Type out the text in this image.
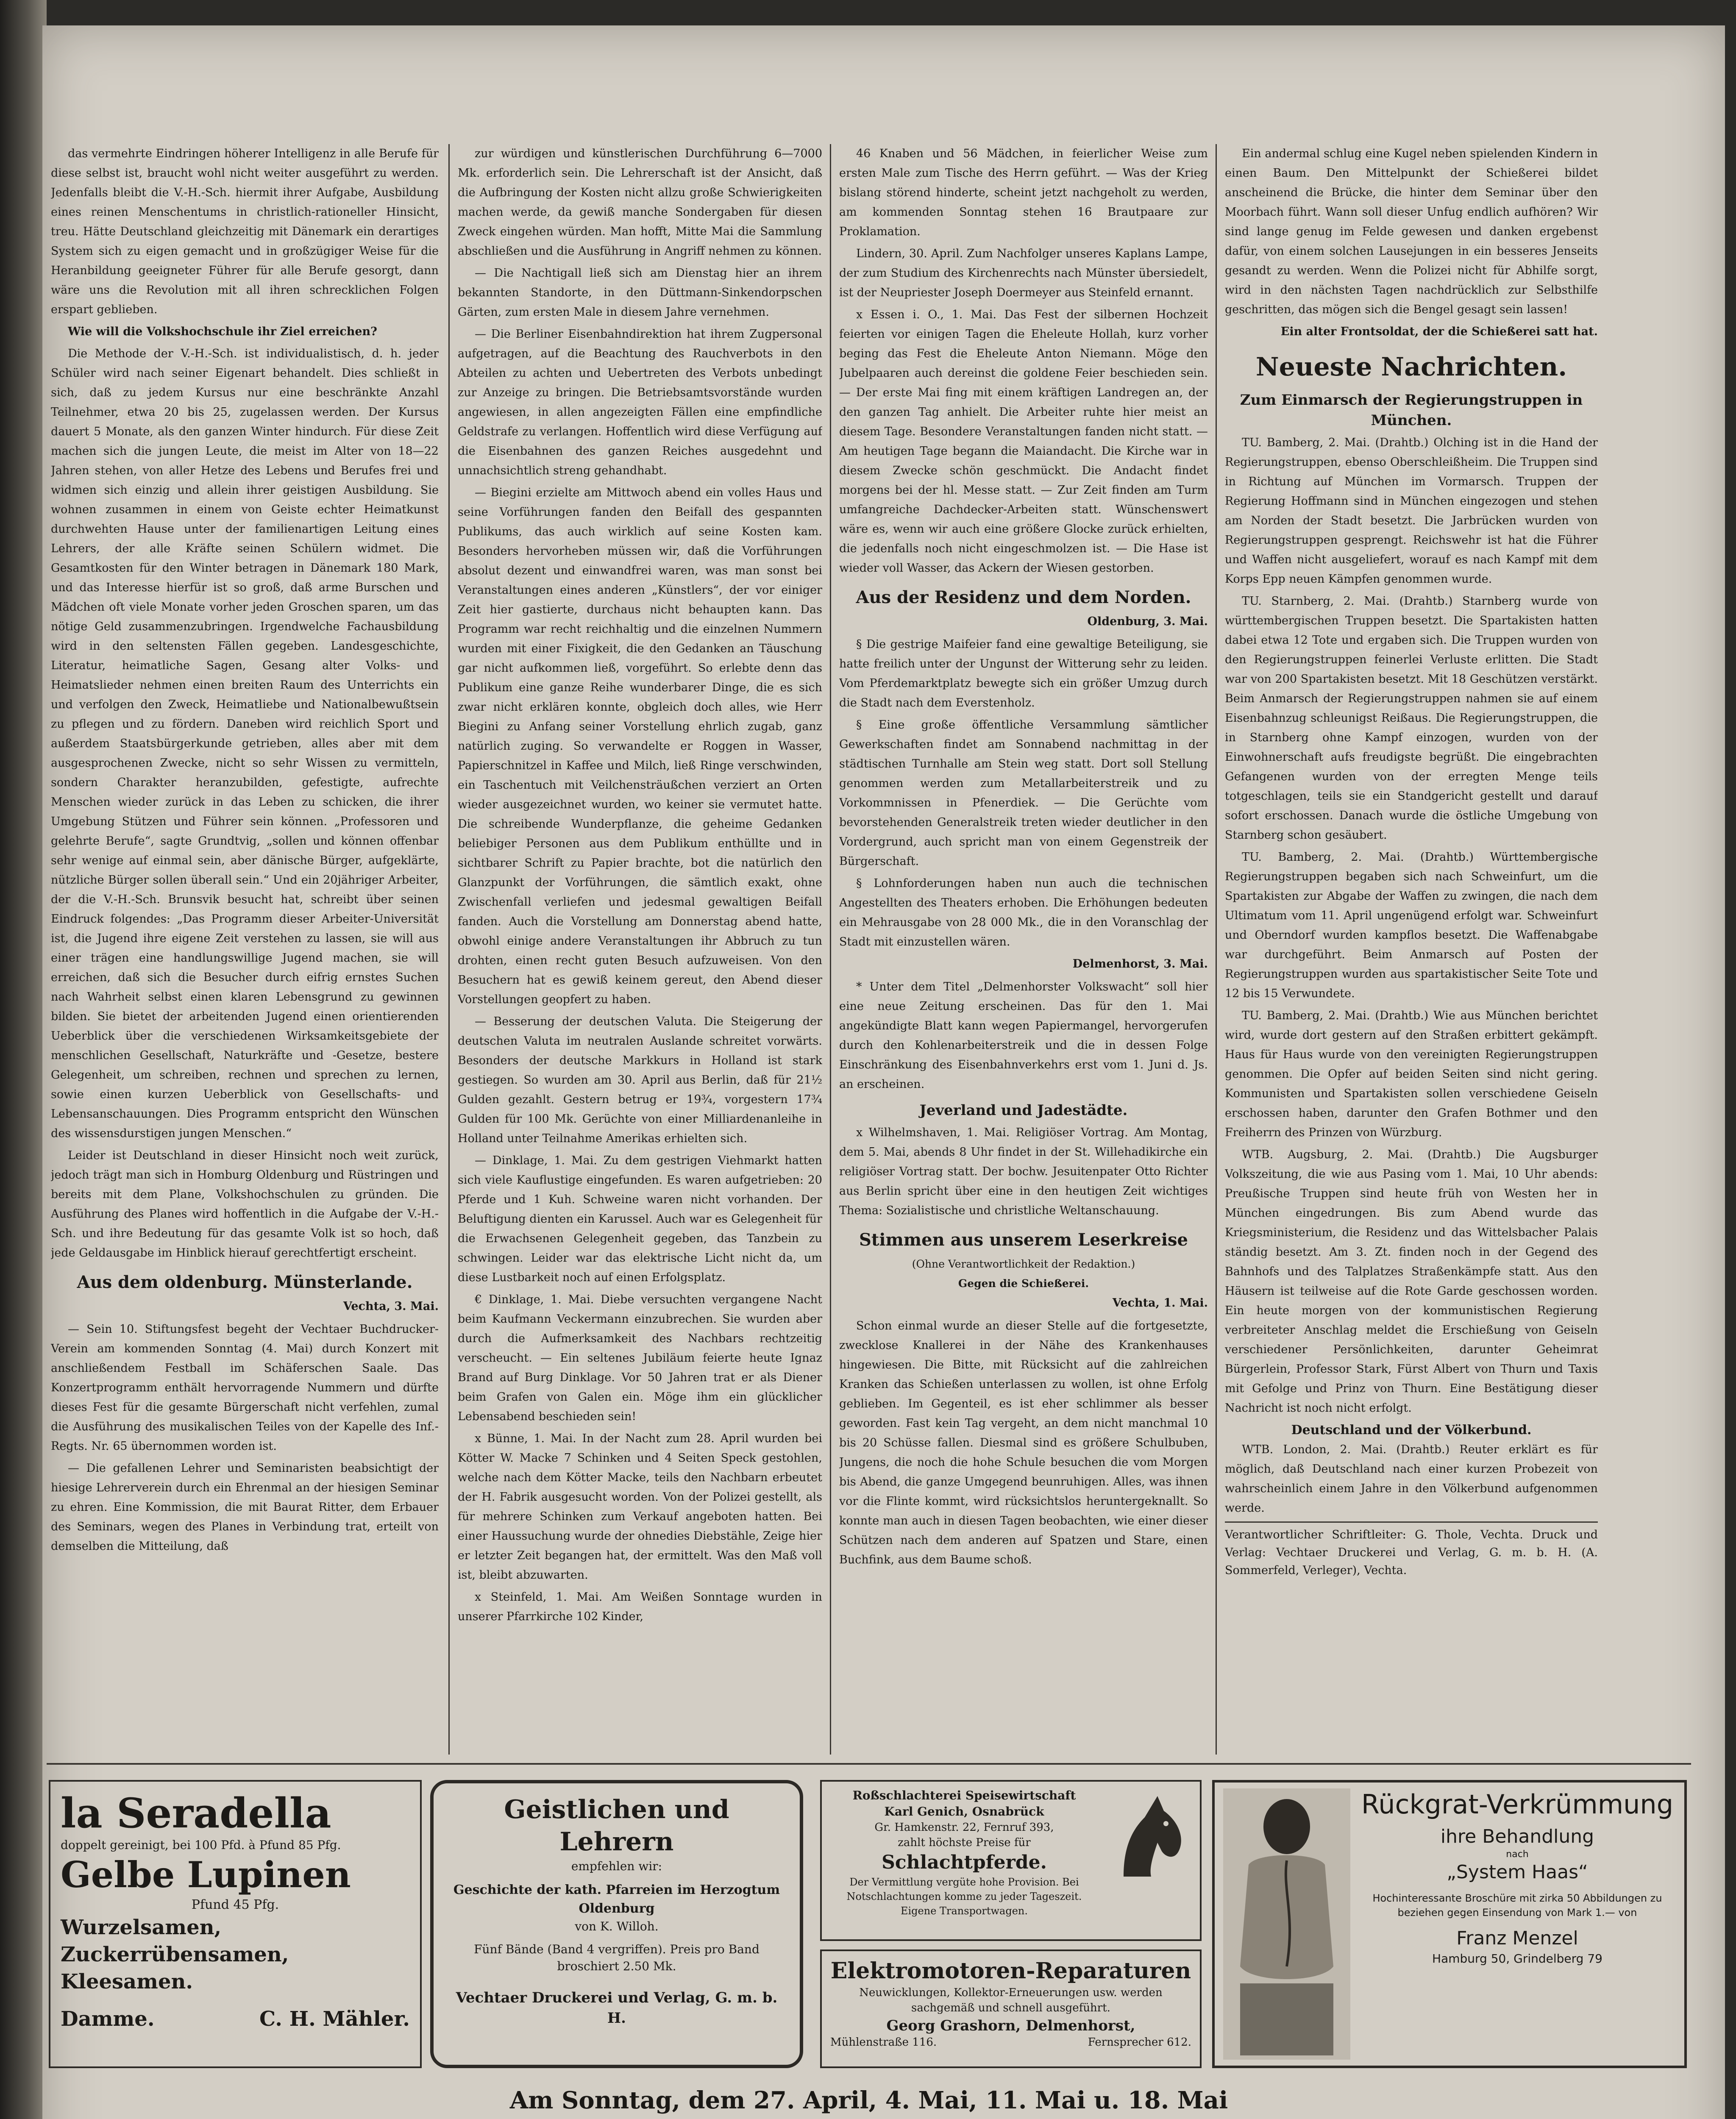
das vermehrte Eindringen höherer Intelligenz in alle Berufe für diese selbst ist, braucht wohl nicht weiter ausgeführt zu werden. Jedenfalls bleibt die V.-H.-Sch. hiermit ihrer Aufgabe, Ausbildung eines reinen Menschentums in christlich-rationeller Hinsicht, treu. Hätte Deutschland gleichzeitig mit Dänemark ein derartiges System sich zu eigen gemacht und in großzügiger Weise für die Heranbildung geeigneter Führer für alle Berufe gesorgt, dann wäre uns die Revolution mit all ihren schrecklichen Folgen erspart geblieben.

Wie will die Volkshochschule ihr Ziel erreichen?

Die Methode der V.-H.-Sch. ist individualistisch, d. h. jeder Schüler wird nach seiner Eigenart behandelt. Dies schließt in sich, daß zu jedem Kursus nur eine beschränkte Anzahl Teilnehmer, etwa 20 bis 25, zugelassen werden. Der Kursus dauert 5 Monate, als den ganzen Winter hindurch. Für diese Zeit machen sich die jungen Leute, die meist im Alter von 18—22 Jahren stehen, von aller Hetze des Lebens und Berufes frei und widmen sich einzig und allein ihrer geistigen Ausbildung. Sie wohnen zusammen in einem von Geiste echter Heimatkunst durchwehten Hause unter der familienartigen Leitung eines Lehrers, der alle Kräfte seinen Schülern widmet. Die Gesamtkosten für den Winter betragen in Dänemark 180 Mark, und das Interesse hierfür ist so groß, daß arme Burschen und Mädchen oft viele Monate vorher jeden Groschen sparen, um das nötige Geld zusammenzubringen. Irgendwelche Fachausbildung wird in den seltensten Fällen gegeben. Landesgeschichte, Literatur, heimatliche Sagen, Gesang alter Volks- und Heimatslieder nehmen einen breiten Raum des Unterrichts ein und verfolgen den Zweck, Heimatliebe und Nationalbewußtsein zu pflegen und zu fördern. Daneben wird reichlich Sport und außerdem Staatsbürgerkunde getrieben, alles aber mit dem ausgesprochenen Zwecke, nicht so sehr Wissen zu vermitteln, sondern Charakter heranzubilden, gefestigte, aufrechte Menschen wieder zurück in das Leben zu schicken, die ihrer Umgebung Stützen und Führer sein können. „Professoren und gelehrte Berufe“, sagte Grundtvig, „sollen und können offenbar sehr wenige auf einmal sein, aber dänische Bürger, aufgeklärte, nützliche Bürger sollen überall sein.“ Und ein 20jähriger Arbeiter, der die V.-H.-Sch. Brunsvik besucht hat, schreibt über seinen Eindruck folgendes: „Das Programm dieser Arbeiter-Universität ist, die Jugend ihre eigene Zeit verstehen zu lassen, sie will aus einer trägen eine handlungswillige Jugend machen, sie will erreichen, daß sich die Besucher durch eifrig ernstes Suchen nach Wahrheit selbst einen klaren Lebensgrund zu gewinnen bilden. Sie bietet der arbeitenden Jugend einen orientierenden Ueberblick über die verschiedenen Wirksamkeitsgebiete der menschlichen Gesellschaft, Naturkräfte und -Gesetze, bestere Gelegenheit, um schreiben, rechnen und sprechen zu lernen, sowie einen kurzen Ueberblick von Gesellschafts- und Lebensanschauungen. Dies Programm entspricht den Wünschen des wissensdurstigen jungen Menschen.“

Leider ist Deutschland in dieser Hinsicht noch weit zurück, jedoch trägt man sich in Homburg Oldenburg und Rüstringen und bereits mit dem Plane, Volkshochschulen zu gründen. Die Ausführung des Planes wird hoffentlich in die Aufgabe der V.-H.-Sch. und ihre Bedeutung für das gesamte Volk ist so hoch, daß jede Geldausgabe im Hinblick hierauf gerechtfertigt erscheint.

Aus dem oldenburg. Münsterlande.
Vechta, 3. Mai.

— Sein 10. Stiftungsfest begeht der Vechtaer Buchdrucker-Verein am kommenden Sonntag (4. Mai) durch Konzert mit anschließendem Festball im Schäferschen Saale. Das Konzertprogramm enthält hervorragende Nummern und dürfte dieses Fest für die gesamte Bürgerschaft nicht verfehlen, zumal die Ausführung des musikalischen Teiles von der Kapelle des Inf.-Regts. Nr. 65 übernommen worden ist.

— Die gefallenen Lehrer und Seminaristen beabsichtigt der hiesige Lehrerverein durch ein Ehrenmal an der hiesigen Seminar zu ehren. Eine Kommission, die mit Baurat Ritter, dem Erbauer des Seminars, wegen des Planes in Verbindung trat, erteilt von demselben die Mitteilung, daß

zur würdigen und künstlerischen Durchführung 6—7000 Mk. erforderlich sein. Die Lehrerschaft ist der Ansicht, daß die Aufbringung der Kosten nicht allzu große Schwierigkeiten machen werde, da gewiß manche Sondergaben für diesen Zweck eingehen würden. Man hofft, Mitte Mai die Sammlung abschließen und die Ausführung in Angriff nehmen zu können.

— Die Nachtigall ließ sich am Dienstag hier an ihrem bekannten Standorte, in den Düttmann-Sinkendorpschen Gärten, zum ersten Male in diesem Jahre vernehmen.

— Die Berliner Eisenbahndirektion hat ihrem Zugpersonal aufgetragen, auf die Beachtung des Rauchverbots in den Abteilen zu achten und Uebertreten des Verbots unbedingt zur Anzeige zu bringen. Die Betriebsamtsvorstände wurden angewiesen, in allen angezeigten Fällen eine empfindliche Geldstrafe zu verlangen. Hoffentlich wird diese Verfügung auf die Eisenbahnen des ganzen Reiches ausgedehnt und unnachsichtlich streng gehandhabt.

— Biegini erzielte am Mittwoch abend ein volles Haus und seine Vorführungen fanden den Beifall des gespannten Publikums, das auch wirklich auf seine Kosten kam. Besonders hervorheben müssen wir, daß die Vorführungen absolut dezent und einwandfrei waren, was man sonst bei Veranstaltungen eines anderen „Künstlers“, der vor einiger Zeit hier gastierte, durchaus nicht behaupten kann. Das Programm war recht reichhaltig und die einzelnen Nummern wurden mit einer Fixigkeit, die den Gedanken an Täuschung gar nicht aufkommen ließ, vorgeführt. So erlebte denn das Publikum eine ganze Reihe wunderbarer Dinge, die es sich zwar nicht erklären konnte, obgleich doch alles, wie Herr Biegini zu Anfang seiner Vorstellung ehrlich zugab, ganz natürlich zuging. So verwandelte er Roggen in Wasser, Papierschnitzel in Kaffee und Milch, ließ Ringe verschwinden, ein Taschentuch mit Veilchensträußchen verziert an Orten wieder ausgezeichnet wurden, wo keiner sie vermutet hatte. Die schreibende Wunderpflanze, die geheime Gedanken beliebiger Personen aus dem Publikum enthüllte und in sichtbarer Schrift zu Papier brachte, bot die natürlich den Glanzpunkt der Vorführungen, die sämtlich exakt, ohne Zwischenfall verliefen und jedesmal gewaltigen Beifall fanden. Auch die Vorstellung am Donnerstag abend hatte, obwohl einige andere Veranstaltungen ihr Abbruch zu tun drohten, einen recht guten Besuch aufzuweisen. Von den Besuchern hat es gewiß keinem gereut, den Abend dieser Vorstellungen geopfert zu haben.

— Besserung der deutschen Valuta. Die Steigerung der deutschen Valuta im neutralen Auslande schreitet vorwärts. Besonders der deutsche Markkurs in Holland ist stark gestiegen. So wurden am 30. April aus Berlin, daß für 21½ Gulden gezahlt. Gestern betrug er 19¾, vorgestern 17¾ Gulden für 100 Mk. Gerüchte von einer Milliardenanleihe in Holland unter Teilnahme Amerikas erhielten sich.

— Dinklage, 1. Mai. Zu dem gestrigen Viehmarkt hatten sich viele Kauflustige eingefunden. Es waren aufgetrieben: 20 Pferde und 1 Kuh. Schweine waren nicht vorhanden. Der Beluftigung dienten ein Karussel. Auch war es Gelegenheit für die Erwachsenen Gelegenheit gegeben, das Tanzbein zu schwingen. Leider war das elektrische Licht nicht da, um diese Lustbarkeit noch auf einen Erfolgsplatz.

€ Dinklage, 1. Mai. Diebe versuchten vergangene Nacht beim Kaufmann Veckermann einzubrechen. Sie wurden aber durch die Aufmerksamkeit des Nachbars rechtzeitig verscheucht. — Ein seltenes Jubiläum feierte heute Ignaz Brand auf Burg Dinklage. Vor 50 Jahren trat er als Diener beim Grafen von Galen ein. Möge ihm ein glücklicher Lebensabend beschieden sein!

x Bünne, 1. Mai. In der Nacht zum 28. April wurden bei Kötter W. Macke 7 Schinken und 4 Seiten Speck gestohlen, welche nach dem Kötter Macke, teils den Nachbarn erbeutet der H. Fabrik ausgesucht worden. Von der Polizei gestellt, als für mehrere Schinken zum Verkauf angeboten hatten. Bei einer Haussuchung wurde der ohnedies Diebstähle, Zeige hier er letzter Zeit begangen hat, der ermittelt. Was den Maß voll ist, bleibt abzuwarten.

x Steinfeld, 1. Mai. Am Weißen Sonntage wurden in unserer Pfarrkirche 102 Kinder,

46 Knaben und 56 Mädchen, in feierlicher Weise zum ersten Male zum Tische des Herrn geführt. — Was der Krieg bislang störend hinderte, scheint jetzt nachgeholt zu werden, am kommenden Sonntag stehen 16 Brautpaare zur Proklamation.

Lindern, 30. April. Zum Nachfolger unseres Kaplans Lampe, der zum Studium des Kirchenrechts nach Münster übersiedelt, ist der Neupriester Joseph Doermeyer aus Steinfeld ernannt.

x Essen i. O., 1. Mai. Das Fest der silbernen Hochzeit feierten vor einigen Tagen die Eheleute Hollah, kurz vorher beging das Fest die Eheleute Anton Niemann. Möge den Jubelpaaren auch dereinst die goldene Feier beschieden sein. — Der erste Mai fing mit einem kräftigen Landregen an, der den ganzen Tag anhielt. Die Arbeiter ruhte hier meist an diesem Tage. Besondere Veranstaltungen fanden nicht statt. — Am heutigen Tage begann die Maiandacht. Die Kirche war in diesem Zwecke schön geschmückt. Die Andacht findet morgens bei der hl. Messe statt. — Zur Zeit finden am Turm umfangreiche Dachdecker-Arbeiten statt. Wünschenswert wäre es, wenn wir auch eine größere Glocke zurück erhielten, die jedenfalls noch nicht eingeschmolzen ist. — Die Hase ist wieder voll Wasser, das Ackern der Wiesen gestorben.

Aus der Residenz und dem Norden.
Oldenburg, 3. Mai.

§ Die gestrige Maifeier fand eine gewaltige Beteiligung, sie hatte freilich unter der Ungunst der Witterung sehr zu leiden. Vom Pferdemarktplatz bewegte sich ein größer Umzug durch die Stadt nach dem Everstenholz.

§ Eine große öffentliche Versammlung sämtlicher Gewerkschaften findet am Sonnabend nachmittag in der städtischen Turnhalle am Stein weg statt. Dort soll Stellung genommen werden zum Metallarbeiterstreik und zu Vorkommnissen in Pfenerdiek. — Die Gerüchte vom bevorstehenden Generalstreik treten wieder deutlicher in den Vordergrund, auch spricht man von einem Gegenstreik der Bürgerschaft.

§ Lohnforderungen haben nun auch die technischen Angestellten des Theaters erhoben. Die Erhöhungen bedeuten ein Mehrausgabe von 28 000 Mk., die in den Voranschlag der Stadt mit einzustellen wären.

Delmenhorst, 3. Mai.

* Unter dem Titel „Delmenhorster Volkswacht“ soll hier eine neue Zeitung erscheinen. Das für den 1. Mai angekündigte Blatt kann wegen Papiermangel, hervorgerufen durch den Kohlenarbeiterstreik und die in dessen Folge Einschränkung des Eisenbahnverkehrs erst vom 1. Juni d. Js. an erscheinen.

Jeverland und Jadestädte.

x Wilhelmshaven, 1. Mai. Religiöser Vortrag. Am Montag, dem 5. Mai, abends 8 Uhr findet in der St. Willehadikirche ein religiöser Vortrag statt. Der bochw. Jesuitenpater Otto Richter aus Berlin spricht über eine in den heutigen Zeit wichtiges Thema: Sozialistische und christliche Weltanschauung.

Stimmen aus unserem Leserkreise
(Ohne Verantwortlichkeit der Redaktion.)
Gegen die Schießerei.
Vechta, 1. Mai.

Schon einmal wurde an dieser Stelle auf die fortgesetzte, zwecklose Knallerei in der Nähe des Krankenhauses hingewiesen. Die Bitte, mit Rücksicht auf die zahlreichen Kranken das Schießen unterlassen zu wollen, ist ohne Erfolg geblieben. Im Gegenteil, es ist eher schlimmer als besser geworden. Fast kein Tag vergeht, an dem nicht manchmal 10 bis 20 Schüsse fallen. Diesmal sind es größere Schulbuben, Jungens, die noch die hohe Schule besuchen die vom Morgen bis Abend, die ganze Umgegend beunruhigen. Alles, was ihnen vor die Flinte kommt, wird rücksichtslos heruntergeknallt. So konnte man auch in diesen Tagen beobachten, wie einer dieser Schützen nach dem anderen auf Spatzen und Stare, einen Buchfink, aus dem Baume schoß.

Ein andermal schlug eine Kugel neben spielenden Kindern in einen Baum. Den Mittelpunkt der Schießerei bildet anscheinend die Brücke, die hinter dem Seminar über den Moorbach führt. Wann soll dieser Unfug endlich aufhören? Wir sind lange genug im Felde gewesen und danken ergebenst dafür, von einem solchen Lausejungen in ein besseres Jenseits gesandt zu werden. Wenn die Polizei nicht für Abhilfe sorgt, wird in den nächsten Tagen nachdrücklich zur Selbsthilfe geschritten, das mögen sich die Bengel gesagt sein lassen!

Ein alter Frontsoldat, der die Schießerei satt hat.

Neueste Nachrichten.
Zum Einmarsch der Regierungstruppen in München.

TU. Bamberg, 2. Mai. (Drahtb.) Olching ist in die Hand der Regierungstruppen, ebenso Oberschleißheim. Die Truppen sind in Richtung auf München im Vormarsch. Truppen der Regierung Hoffmann sind in München eingezogen und stehen am Norden der Stadt besetzt. Die Jarbrücken wurden von Regierungstruppen gesprengt. Reichswehr ist hat die Führer und Waffen nicht ausgeliefert, worauf es nach Kampf mit dem Korps Epp neuen Kämpfen genommen wurde.

TU. Starnberg, 2. Mai. (Drahtb.) Starnberg wurde von württembergischen Truppen besetzt. Die Spartakisten hatten dabei etwa 12 Tote und ergaben sich. Die Truppen wurden von den Regierungstruppen feinerlei Verluste erlitten. Die Stadt war von 200 Spartakisten besetzt. Mit 18 Geschützen verstärkt. Beim Anmarsch der Regierungstruppen nahmen sie auf einem Eisenbahnzug schleunigst Reißaus. Die Regierungstruppen, die in Starnberg ohne Kampf einzogen, wurden von der Einwohnerschaft aufs freudigste begrüßt. Die eingebrachten Gefangenen wurden von der erregten Menge teils totgeschlagen, teils sie ein Standgericht gestellt und darauf sofort erschossen. Danach wurde die östliche Umgebung von Starnberg schon gesäubert.

TU. Bamberg, 2. Mai. (Drahtb.) Württembergische Regierungstruppen begaben sich nach Schweinfurt, um die Spartakisten zur Abgabe der Waffen zu zwingen, die nach dem Ultimatum vom 11. April ungenügend erfolgt war. Schweinfurt und Oberndorf wurden kampflos besetzt. Die Waffenabgabe war durchgeführt. Beim Anmarsch auf Posten der Regierungstruppen wurden aus spartakistischer Seite Tote und 12 bis 15 Verwundete.

TU. Bamberg, 2. Mai. (Drahtb.) Wie aus München berichtet wird, wurde dort gestern auf den Straßen erbittert gekämpft. Haus für Haus wurde von den vereinigten Regierungstruppen genommen. Die Opfer auf beiden Seiten sind nicht gering. Kommunisten und Spartakisten sollen verschiedene Geiseln erschossen haben, darunter den Grafen Bothmer und den Freiherrn des Prinzen von Würzburg.

WTB. Augsburg, 2. Mai. (Drahtb.) Die Augsburger Volkszeitung, die wie aus Pasing vom 1. Mai, 10 Uhr abends: Preußische Truppen sind heute früh von Westen her in München eingedrungen. Bis zum Abend wurde das Kriegsministerium, die Residenz und das Wittelsbacher Palais ständig besetzt. Am 3. Zt. finden noch in der Gegend des Bahnhofs und des Talplatzes Straßenkämpfe statt. Aus den Häusern ist teilweise auf die Rote Garde geschossen worden. Ein heute morgen von der kommunistischen Regierung verbreiteter Anschlag meldet die Erschießung von Geiseln verschiedener Persönlichkeiten, darunter Geheimrat Bürgerlein, Professor Stark, Fürst Albert von Thurn und Taxis mit Gefolge und Prinz von Thurn. Eine Bestätigung dieser Nachricht ist noch nicht erfolgt.

Deutschland und der Völkerbund.

WTB. London, 2. Mai. (Drahtb.) Reuter erklärt es für möglich, daß Deutschland nach einer kurzen Probezeit von wahrscheinlich einem Jahre in den Völkerbund aufgenommen werde.

Verantwortlicher Schriftleiter: G. Thole, Vechta. Druck und Verlag: Vechtaer Druckerei und Verlag, G. m. b. H. (A. Sommerfeld, Verleger), Vechta.
la Seradella
doppelt gereinigt, bei 100 Pfd. à Pfund 85 Pfg.
Gelbe Lupinen
Pfund 45 Pfg.
Wurzelsamen, Zuckerrübensamen,
Kleesamen.
Damme.	C. H. Mähler.
Geistlichen und Lehrern
empfehlen wir:
Geschichte der kath. Pfarreien im Herzogtum Oldenburg
von K. Willoh.
Fünf Bände (Band 4 vergriffen). Preis pro Band broschiert 2.50 Mk.
Vechtaer Druckerei und Verlag, G. m. b. H.
Roßschlachterei Speisewirtschaft
Karl Genich, Osnabrück
Gr. Hamkenstr. 22, Fernruf 393,
zahlt höchste Preise für
Schlachtpferde.
Der Vermittlung vergüte hohe Provision. Bei Notschlachtungen komme zu jeder Tageszeit. Eigene Transportwagen.
Elektromotoren-Reparaturen
Neuwicklungen, Kollektor-Erneuerungen usw. werden sachgemäß und schnell ausgeführt.
Georg Grashorn, Delmenhorst,
Mühlenstraße 116.	Fernsprecher 612.
Rückgrat-Verkrümmung
ihre Behandlung
nach
„System Haas“
Hochinteressante Broschüre mit zirka 50 Abbildungen zu beziehen gegen Einsendung von Mark 1.— von
Franz Menzel
Hamburg 50, Grindelberg 79
Am Sonntag, dem 27. April, 4. Mai, 11. Mai u. 18. Mai
